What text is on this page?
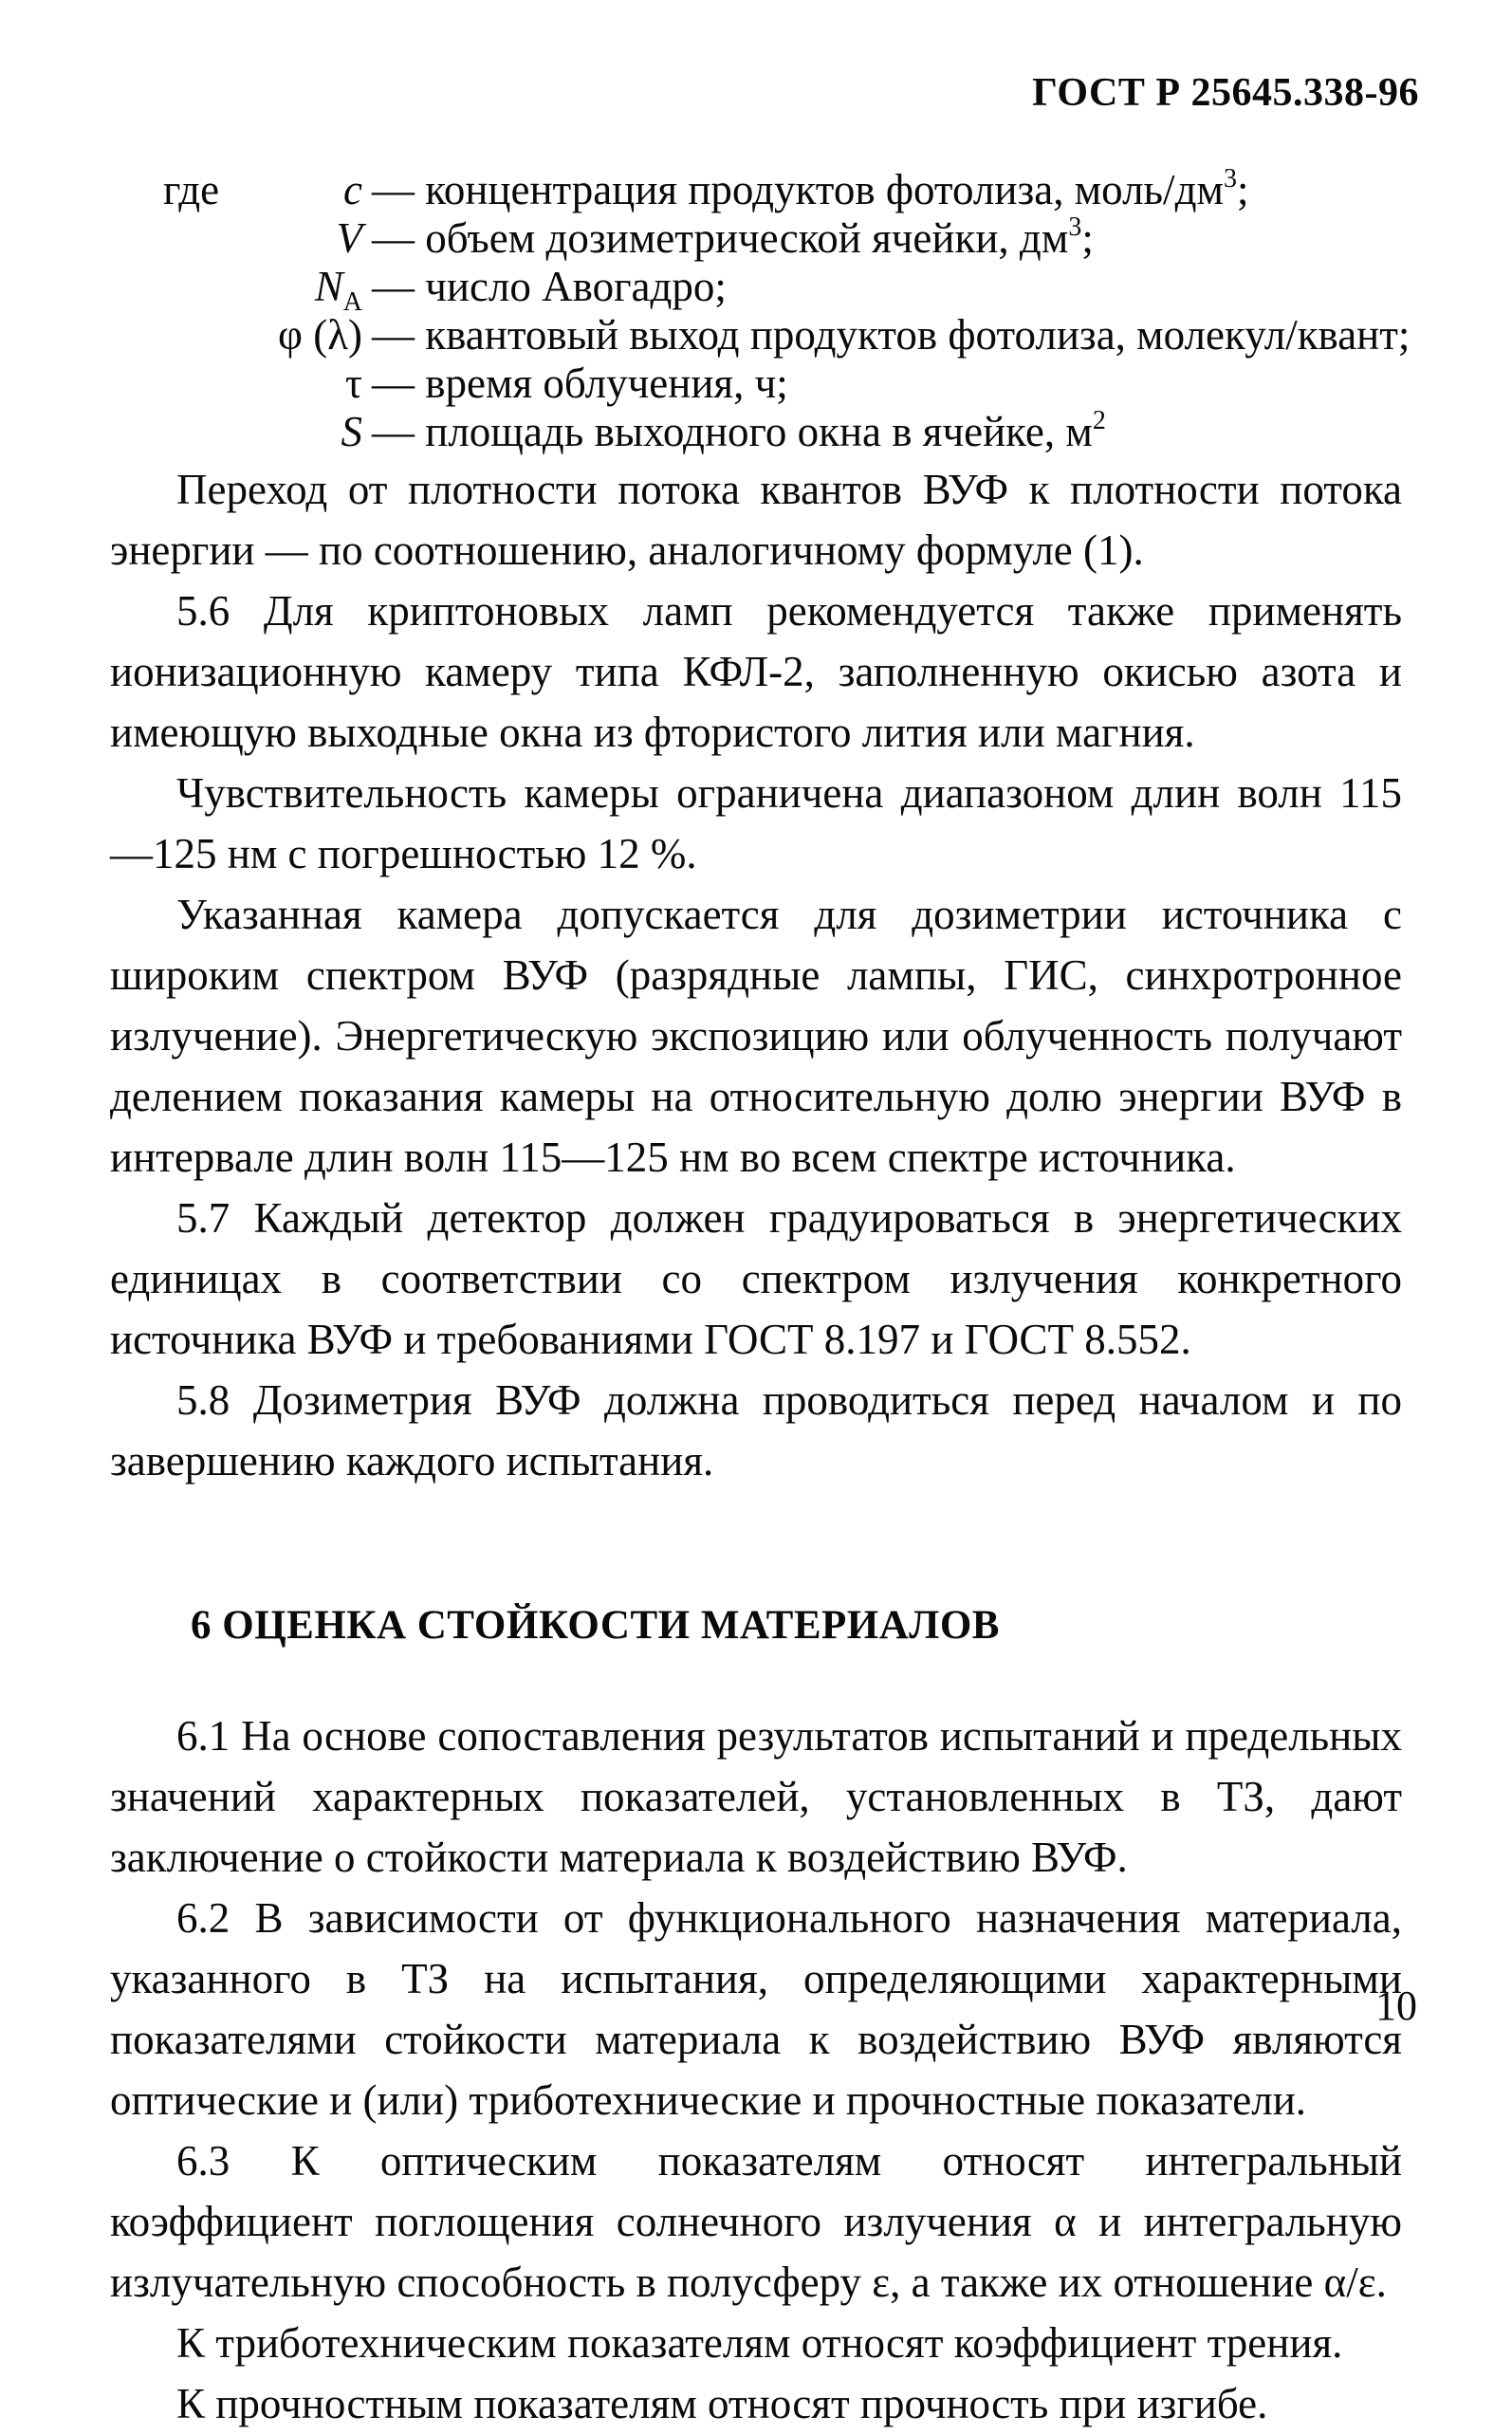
ГОСТ Р 25645.338-96
где	c — концентрация продуктов фотолиза, моль/$дм^3$;
V — объем дозиметрической ячейки, $дм^3$;
$N_A$ — число Авогадро;
φ (λ) — квантовый выход продуктов фотолиза, молекул/квант;
τ — время облучения, ч;
S — площадь выходного окна в ячейке, $м^2$

Переход от плотности потока квантов ВУФ к плотности потока энергии — по соотношению, аналогичному формуле (1).

5.6 Для криптоновых ламп рекомендуется также применять ионизационную камеру типа КФЛ-2, заполненную окисью азота и имеющую выходные окна из фтористого лития или магния.

Чувствительность камеры ограничена диапазоном длин волн 115—125 нм с погрешностью 12 %.

Указанная камера допускается для дозиметрии источника с широким спектром ВУФ (разрядные лампы, ГИС, синхротронное излучение). Энергетическую экспозицию или облученность получают делением показания камеры на относительную долю энергии ВУФ в интервале длин волн 115—125 нм во всем спектре источника.

5.7 Каждый детектор должен градуироваться в энергетических единицах в соответствии со спектром излучения конкретного источника ВУФ и требованиями ГОСТ 8.197 и ГОСТ 8.552.

5.8 Дозиметрия ВУФ должна проводиться перед началом и по завершению каждого испытания.

6 ОЦЕНКА СТОЙКОСТИ МАТЕРИАЛОВ

6.1 На основе сопоставления результатов испытаний и предельных значений характерных показателей, установленных в ТЗ, дают заключение о стойкости материала к воздействию ВУФ.

6.2 В зависимости от функционального назначения материала, указанного в ТЗ на испытания, определяющими характерными показателями стойкости материала к воздействию ВУФ являются оптические и (или) триботехнические и прочностные показатели.

6.3 К оптическим показателям относят интегральный коэффициент поглощения солнечного излучения α и интегральную излучательную способность в полусферу ε, а также их отношение α/ε.

К триботехническим показателям относят коэффициент трения.

К прочностным показателям относят прочность при изгибе.

10
